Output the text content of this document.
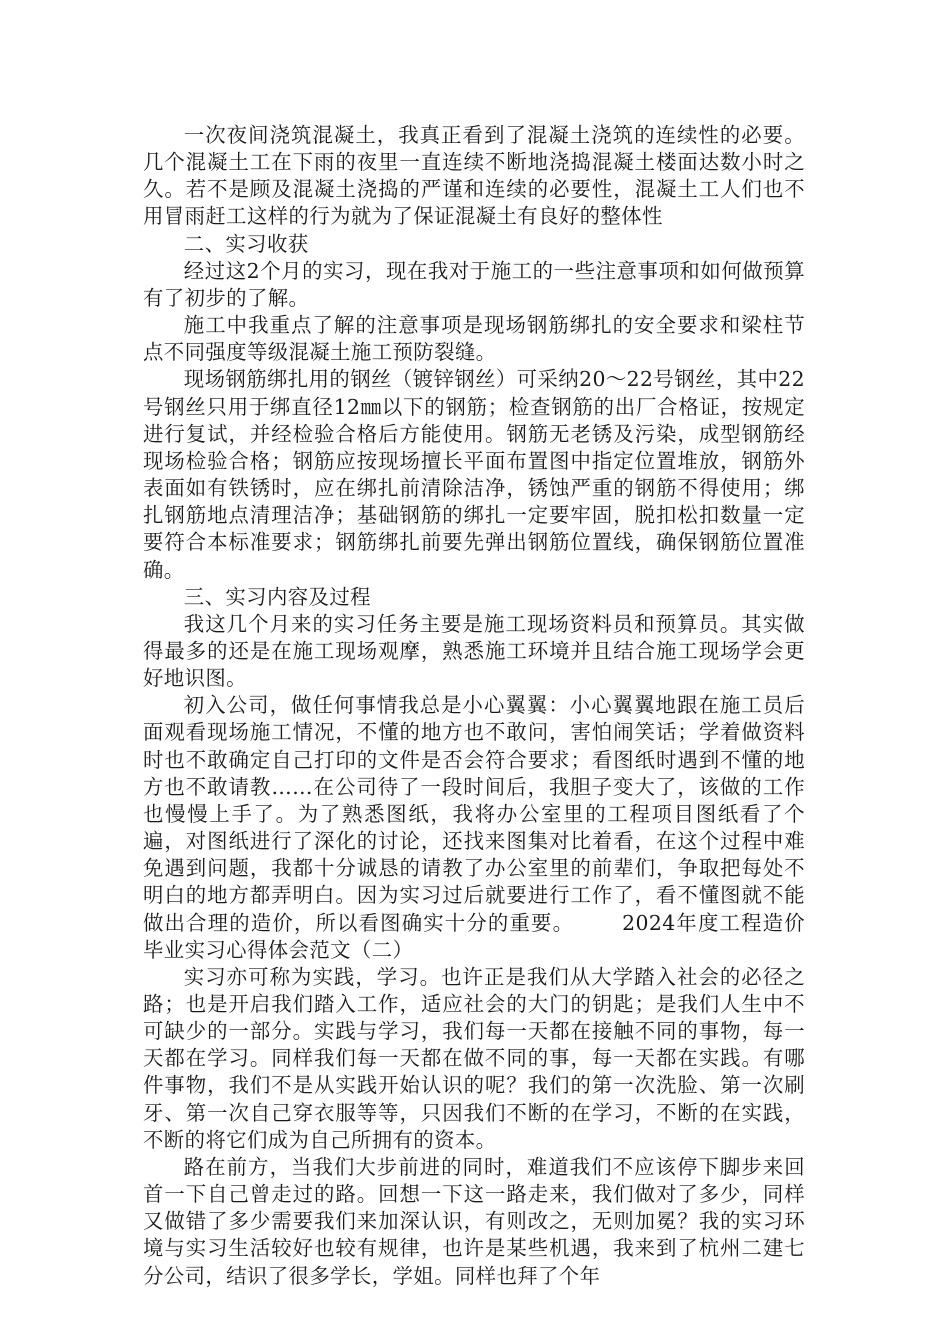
一次夜间浇筑混凝土，我真正看到了混凝土浇筑的连续性的必要。几个混凝土工在下雨的夜里一直连续不断地浇捣混凝土楼面达数小时之久。若不是顾及混凝土浇捣的严谨和连续的必要性，混凝土工人们也不用冒雨赶工这样的行为就为了保证混凝土有良好的整体性

二、实习收获

经过这2个月的实习，现在我对于施工的一些注意事项和如何做预算有了初步的了解。

施工中我重点了解的注意事项是现场钢筋绑扎的安全要求和梁柱节点不同强度等级混凝土施工预防裂缝。

现场钢筋绑扎用的钢丝（镀锌钢丝）可采纳20～22号钢丝，其中22号钢丝只用于绑直径12㎜以下的钢筋；检查钢筋的出厂合格证，按规定进行复试，并经检验合格后方能使用。钢筋无老锈及污染，成型钢筋经现场检验合格；钢筋应按现场擅长平面布置图中指定位置堆放，钢筋外表面如有铁锈时，应在绑扎前清除洁净，锈蚀严重的钢筋不得使用；绑扎钢筋地点清理洁净；基础钢筋的绑扎一定要牢固，脱扣松扣数量一定要符合本标准要求；钢筋绑扎前要先弹出钢筋位置线，确保钢筋位置准确。

三、实习内容及过程

我这几个月来的实习任务主要是施工现场资料员和预算员。其实做得最多的还是在施工现场观摩，熟悉施工环境并且结合施工现场学会更好地识图。

初入公司，做任何事情我总是小心翼翼：小心翼翼地跟在施工员后面观看现场施工情况，不懂的地方也不敢问，害怕闹笑话；学着做资料时也不敢确定自己打印的文件是否会符合要求；看图纸时遇到不懂的地方也不敢请教……在公司待了一段时间后，我胆子变大了，该做的工作也慢慢上手了。为了熟悉图纸，我将办公室里的工程项目图纸看了个遍，对图纸进行了深化的讨论，还找来图集对比着看，在这个过程中难免遇到问题，我都十分诚恳的请教了办公室里的前辈们，争取把每处不明白的地方都弄明白。因为实习过后就要进行工作了，看不懂图就不能做出合理的造价，所以看图确实十分的重要。 2024年度工程造价毕业实习心得体会范文（二）

实习亦可称为实践，学习。也许正是我们从大学踏入社会的必径之路；也是开启我们踏入工作，适应社会的大门的钥匙；是我们人生中不可缺少的一部分。实践与学习，我们每一天都在接触不同的事物，每一天都在学习。同样我们每一天都在做不同的事，每一天都在实践。有哪件事物，我们不是从实践开始认识的呢？我们的第一次洗脸、第一次刷牙、第一次自己穿衣服等等，只因我们不断的在学习，不断的在实践，不断的将它们成为自己所拥有的资本。

路在前方，当我们大步前进的同时，难道我们不应该停下脚步来回首一下自己曾走过的路。回想一下这一路走来，我们做对了多少，同样又做错了多少需要我们来加深认识，有则改之，无则加冕？我的实习环境与实习生活较好也较有规律，也许是某些机遇，我来到了杭州二建七分公司，结识了很多学长，学姐。同样也拜了个年
